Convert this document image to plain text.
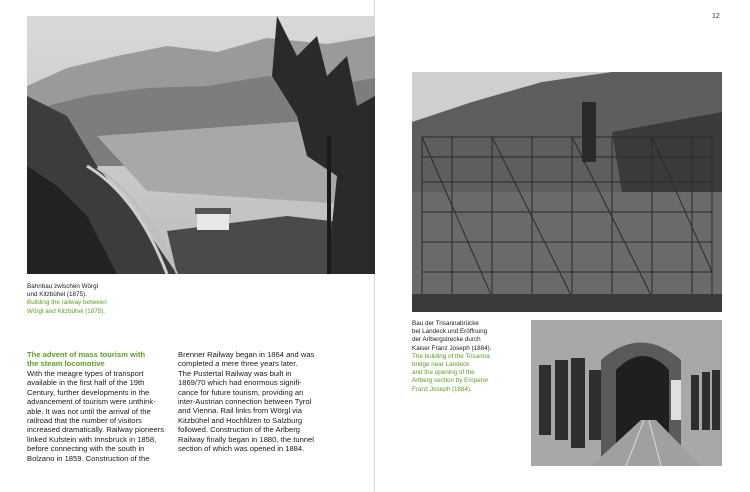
12
Bahnbau zwischen Wörgl
und Kitzbühel (1875).
Building the railway between
Wörgl and Kitzbühel (1875).
The advent of mass tourism with
the steam locomotive
With the meagre types of transport
available in the first half of the 19th
Century, further developments in the
advancement of tourism were unthink-
able. It was not until the arrival of the
railroad that the number of visitors
increased dramatically. Railway pioneers
linked Kufstein with Innsbruck in 1858,
before connecting with the south in
Bolzano in 1859. Construction of the
Brenner Railway began in 1864 and was
completed a mere three years later.
The Pustertal Railway was built in
1869/70 which had enormous signifi-
cance for future tourism, providing an
inter-Austrian connection between Tyrol
and Vienna. Rail links from Wörgl via
Kitzbühel and Hochfilzen to Salzburg
followed. Construction of the Arlberg
Railway finally began in 1880, the tunnel
section of which was opened in 1884.
Bau der Trisannabrücke
bei Landeck und Eröffnung
der Arlbergstrecke durch
Kaiser Franz Joseph (1884).
The building of the Trisanna
bridge near Landeck
and the opening of the
Arlberg section by Emperor
Franz Joseph (1884).
